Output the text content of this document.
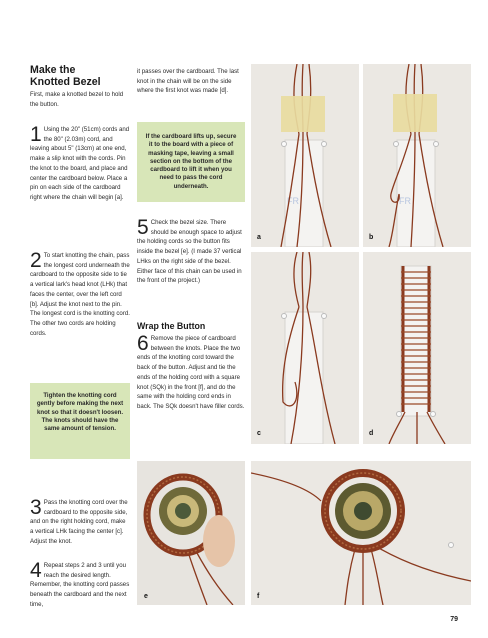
Make the
Knotted Bezel

First, make a knotted bezel to hold the button.

1 Using the 20" (51cm) cords and the 80" (2.03m) cord, and leaving about 5" (13cm) at one end, make a slip knot with the cords. Pin the knot to the board, and place and center the cardboard below. Place a pin on each side of the cardboard right where the chain will begin [a].

2 To start knotting the chain, pass the longest cord underneath the cardboard to the opposite side to tie a vertical lark's head knot (LHk) that faces the center, over the left cord [b]. Adjust the knot next to the pin. The longest cord is the knotting cord. The other two cords are holding cords.

Tighten the knotting cord gently before making the next knot so that it doesn't loosen. The knots should have the same amount of tension.
3 Pass the knotting cord over the cardboard to the opposite side, and on the right holding cord, make a vertical LHk facing the center [c]. Adjust the knot.

4 Repeat steps 2 and 3 until you reach the desired length. Remember, the knotting cord passes beneath the cardboard and the next time,

it passes over the cardboard. The last knot in the chain will be on the side where the first knot was made [d].

If the cardboard lifts up, secure it to the board with a piece of masking tape, leaving a small section on the bottom of the cardboard to lift it when you need to pass the cord underneath.
5 Check the bezel size. There should be enough space to adjust the holding cords so the button fits inside the bezel [e]. (I made 37 vertical LHks on the right side of the bezel. Either face of this chain can be used in the front of the project.)

Wrap the Button
6 Remove the piece of cardboard between the knots. Place the two ends of the knotting cord toward the back of the button. Adjust and tie the ends of the holding cord with a square knot (SQk) in the front [f], and do the same with the holding cord ends in back. The SQk doesn't have filler cords.

FR
a
FR
b
c	d
e	f
79
